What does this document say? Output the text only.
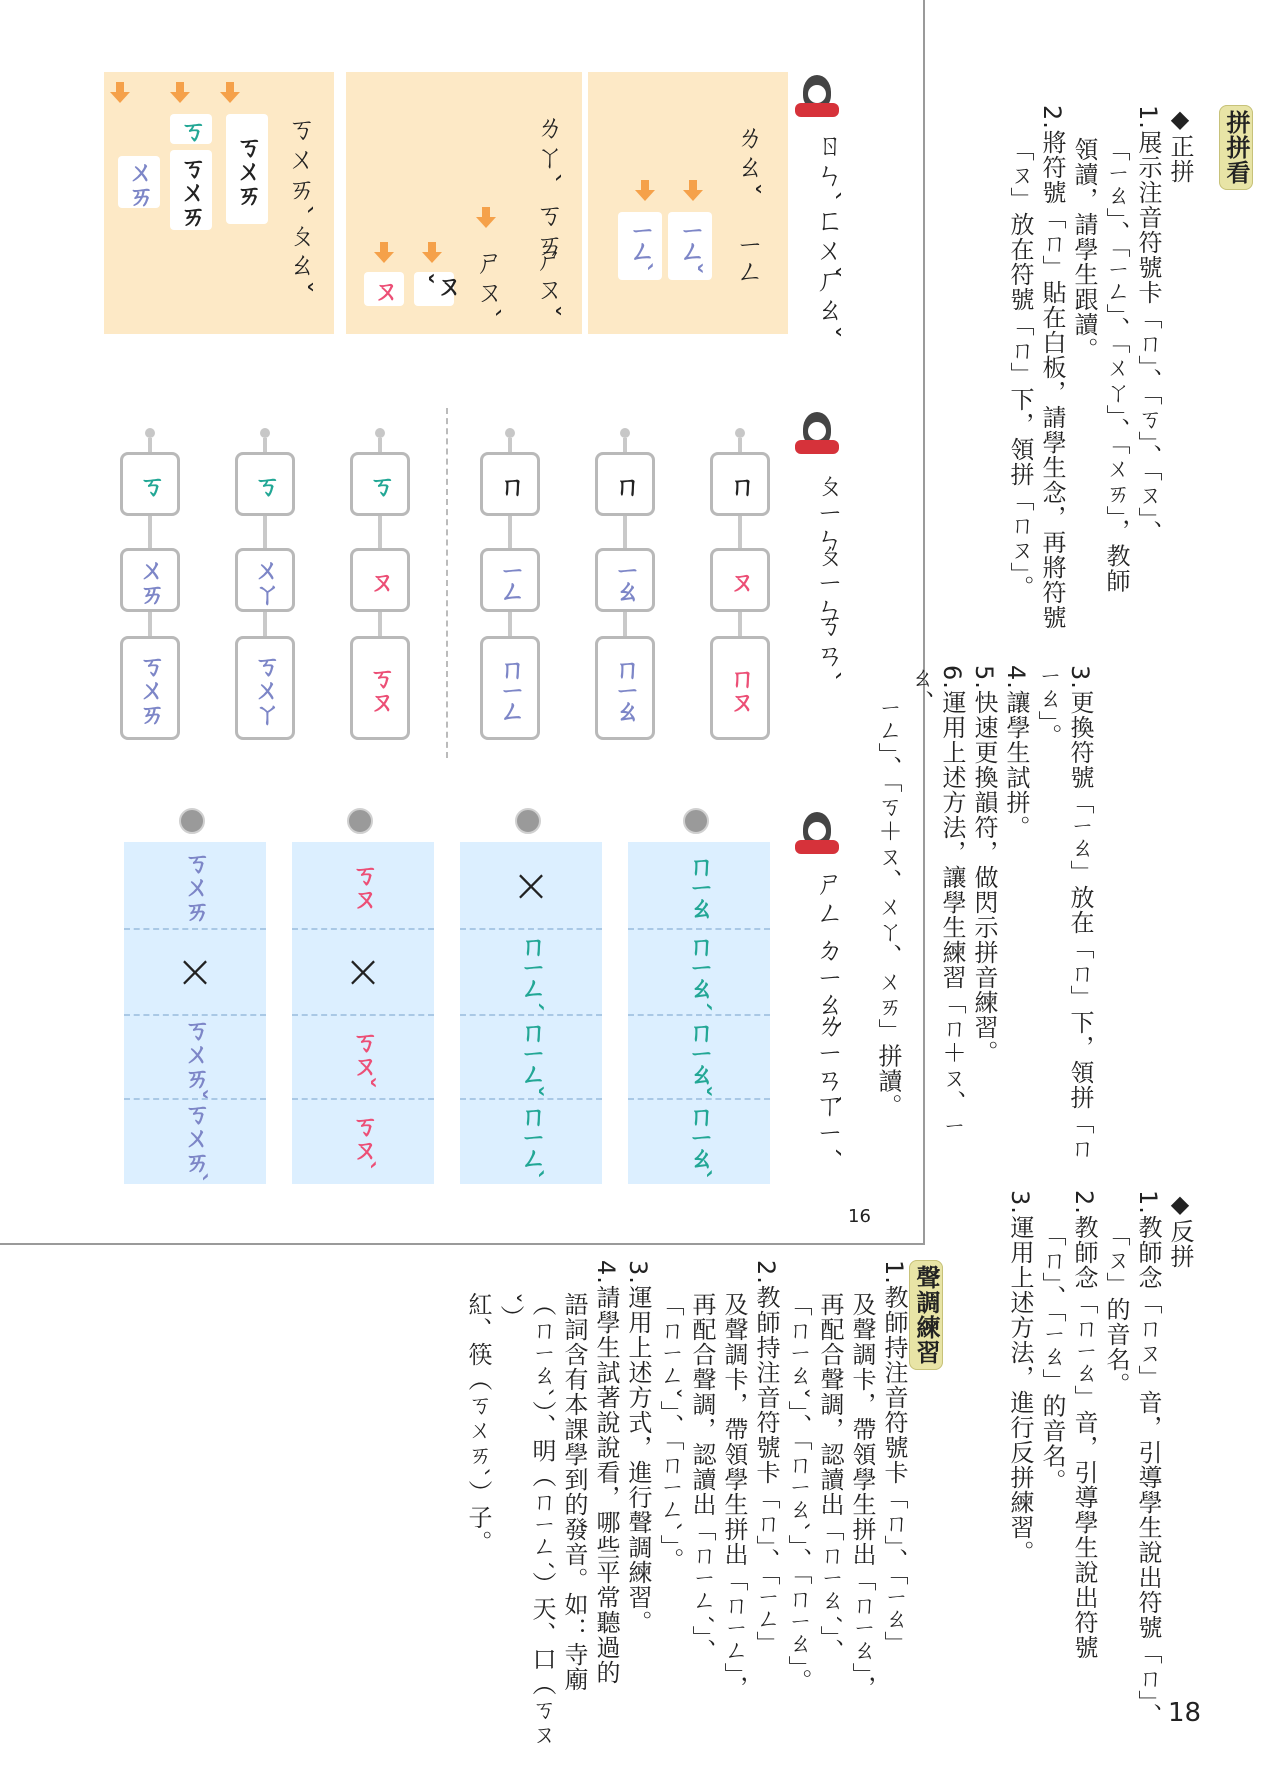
ㄖㄣˋ
ㄈㄨˇ
ㄏㄠˇ
ㄌㄠˇ
ㄧㄥ
ㄧㄥˇ
ㄧㄥˋ
ㄌㄚˋ
ㄎㄞ
ㄕㄡˇ
ㄕㄡˋ
ㄡˇ
ㄡ
ㄎㄨㄞˋ
ㄆㄠˇ
ㄎㄨㄞ
ㄎ
ㄎㄨㄞ
ㄨㄞ
ㄆㄧㄣ
ㄆㄧㄣ
ㄎㄢˋ
ㄇ
ㄡ
ㄇㄡ
ㄇ
ㄧㄠ
ㄇㄧㄠ
ㄇ
ㄧㄥ
ㄇㄧㄥ
ㄎ
ㄡ
ㄎㄡ
ㄎ
ㄨㄚ
ㄎㄨㄚ
ㄎ
ㄨㄞ
ㄎㄨㄞ
ㄕㄥ
ㄉㄧㄠˋ
ㄌㄧㄢˋ
ㄒㄧˊ
ㄇㄧㄠ
ㄇㄧㄠˊ
ㄇㄧㄠˇ
ㄇㄧㄠˋ
×
ㄇㄧㄥˊ
ㄇㄧㄥˇ
ㄇㄧㄥˋ
ㄎㄡ
×
ㄎㄡˇ
ㄎㄡˋ
ㄎㄨㄞ
×
ㄎㄨㄞˇ
ㄎㄨㄞˋ
16
拼拼看
◆正拼
1.展示注音符號卡「ㄇ」、「ㄎ」、「ㄡ」、
「ㄧㄠ」、「ㄧㄥ」、「ㄨㄚ」、「ㄨㄞ」，教師
領讀，請學生跟讀。
2.將符號「ㄇ」貼在白板，請學生念，再將符號
「ㄡ」放在符號「ㄇ」下，領拼「ㄇㄡ」。
3.更換符號「ㄧㄠ」放在「ㄇ」下，領拼「ㄇㄧㄠ」。
4.讓學生試拼。
5.快速更換韻符，做閃示拼音練習。
6.運用上述方法，讓學生練習「ㄇ＋ㄡ、ㄧㄠ、
ㄧㄥ」、「ㄎ＋ㄡ、ㄨㄚ、ㄨㄞ」拼讀。
◆反拼
1.教師念「ㄇㄡ」音，引導學生說出符號「ㄇ」、
「ㄡ」的音名。
2.教師念「ㄇㄧㄠ」音，引導學生說出符號
「ㄇ」、「ㄧㄠ」的音名。
3.運用上述方法，進行反拼練習。
聲調練習
1.教師持注音符號卡「ㄇ」、「ㄧㄠ」
及聲調卡，帶領學生拼出「ㄇㄧㄠ」，
再配合聲調，認讀出「ㄇㄧㄠˊ」、
「ㄇㄧㄠˇ」、「ㄇㄧㄠˋ」、「ㄇㄧㄠ」。
2.教師持注音符號卡「ㄇ」、「ㄧㄥ」
及聲調卡，帶領學生拼出「ㄇㄧㄥ」，
再配合聲調，認讀出「ㄇㄧㄥˊ」、
「ㄇㄧㄥˇ」、「ㄇㄧㄥˋ」。
3.運用上述方式，進行聲調練習。
4.請學生試著說說看，哪些平常聽過的
語詞含有本課學到的發音。如：寺廟
（ㄇㄧㄠˋ）、明（ㄇㄧㄥˊ）天、口（ㄎㄡˇ）
紅、筷（ㄎㄨㄞˋ）子。
18
